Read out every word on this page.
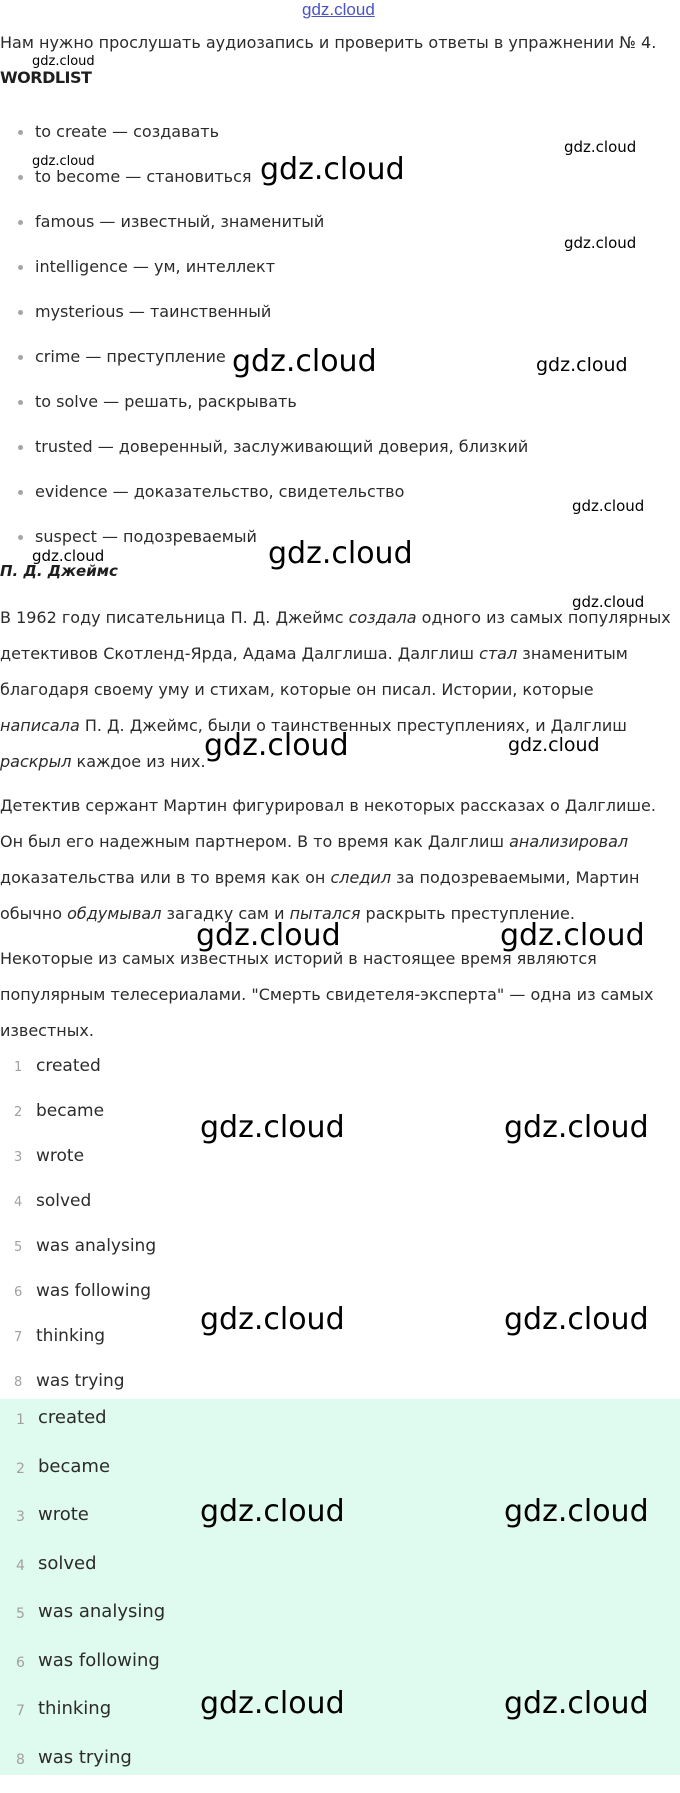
gdz.cloud
Нам нужно прослушать аудиозапись и проверить ответы в упражнении № 4.
WORDLIST
to create — создавать
to become — становиться
famous — известный, знаменитый
intelligence — ум, интеллект
mysterious — таинственный
crime — преступление
to solve — решать, раскрывать
trusted — доверенный, заслуживающий доверия, близкий
evidence — доказательство, свидетельство
suspect — подозреваемый
П. Д. Джеймс

В 1962 году писательница П. Д. Джеймс создала одного из самых популярных детективов Скотленд-Ярда, Адама Далглиша. Далглиш стал знаменитым благодаря своему уму и стихам, которые он писал. Истории, которые написала П. Д. Джеймс, были о таинственных преступлениях, и Далглиш раскрыл каждое из них.

Детектив сержант Мартин фигурировал в некоторых рассказах о Далглише. Он был его надежным партнером. В то время как Далглиш анализировал доказательства или в то время как он следил за подозреваемыми, Мартин обычно обдумывал загадку сам и пытался раскрыть преступление.

Некоторые из самых известных историй в настоящее время являются популярным телесериалами. "Смерть свидетеля-эксперта" — одна из самых известных.

1 created
2 became
3 wrote
4 solved
5 was analysing
6 was following
7 thinking
8 was trying
1 created
2 became
3 wrote
4 solved
5 was analysing
6 was following
7 thinking
8 was trying
gdz.cloud
gdz.cloud
gdz.cloud
gdz.cloud
gdz.cloud
gdz.cloud	gdz.cloud
gdz.cloud
gdz.cloud
gdz.cloud
gdz.cloud
gdz.cloud	gdz.cloud
gdz.cloud	gdz.cloud
gdz.cloud	gdz.cloud
gdz.cloud	gdz.cloud
gdz.cloud	gdz.cloud
gdz.cloud	gdz.cloud
